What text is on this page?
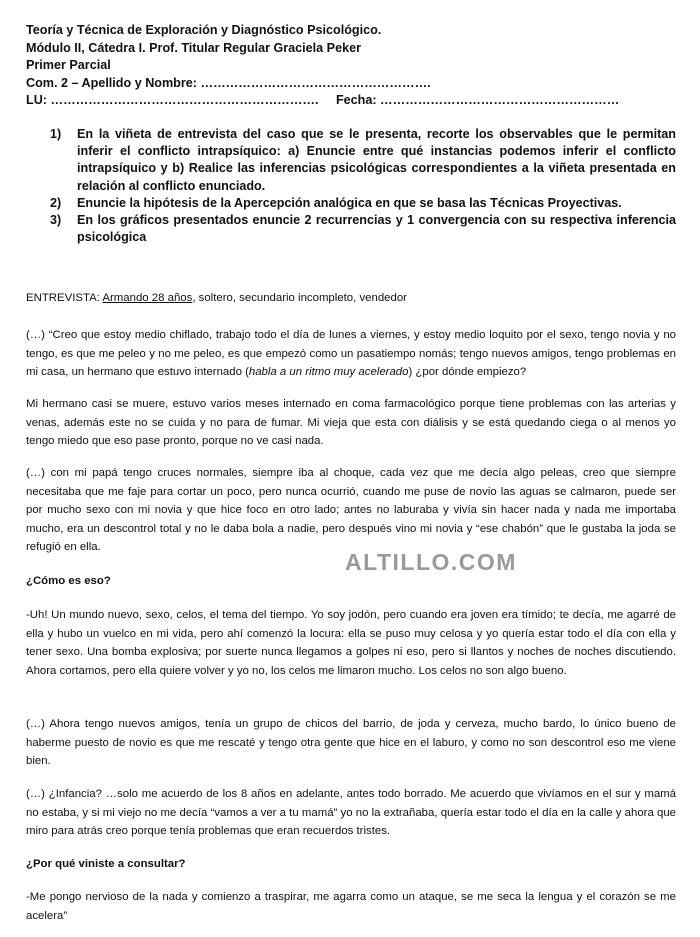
Teoría y Técnica de Exploración y Diagnóstico Psicológico.
Módulo II, Cátedra I. Prof. Titular Regular Graciela Peker
Primer Parcial
Com. 2 – Apellido y Nombre: ……………………………………………….
LU: ………………………………………………………. Fecha: …………………………………………………
1)	En la viñeta de entrevista del caso que se le presenta, recorte los observables que le permitan inferir el conflicto intrapsíquico: a) Enuncie entre qué instancias podemos inferir el conflicto intrapsíquico y b) Realice las inferencias psicológicas correspondientes a la viñeta presentada en relación al conflicto enunciado.
2)	Enuncie la hipótesis de la Apercepción analógica en que se basa las Técnicas Proyectivas.
3)	En los gráficos presentados enuncie 2 recurrencias y 1 convergencia con su respectiva inferencia psicológica
ENTREVISTA: Armando 28 años, soltero, secundario incompleto, vendedor
(…) “Creo que estoy medio chiflado, trabajo todo el día de lunes a viernes, y estoy medio loquito por el sexo, tengo novia y no tengo, es que me peleo y no me peleo, es que empezó como un pasatiempo nomás; tengo nuevos amigos, tengo problemas en mi casa, un hermano que estuvo internado (habla a un ritmo muy acelerado) ¿por dónde empiezo?
Mi hermano casi se muere, estuvo varios meses internado en coma farmacológico porque tiene problemas con las arterias y venas, además este no se cuida y no para de fumar. Mi vieja que esta con diálisis y se está quedando ciega o al menos yo tengo miedo que eso pase pronto, porque no ve casi nada.
(…) con mi papá tengo cruces normales, siempre iba al choque, cada vez que me decía algo peleas, creo que siempre necesitaba que me faje para cortar un poco, pero nunca ocurrió, cuando me puse de novio las aguas se calmaron, puede ser por mucho sexo con mi novia y que hice foco en otro lado; antes no laburaba y vivía sin hacer nada y nada me importaba mucho, era un descontrol total y no le daba bola a nadie, pero después vino mi novia y “ese chabón” que le gustaba la joda se refugió en ella.
¿Cómo es eso?
-Uh! Un mundo nuevo, sexo, celos, el tema del tiempo. Yo soy jodón, pero cuando era joven era tímido; te decía, me agarré de ella y hubo un vuelco en mi vida, pero ahí comenzó la locura: ella se puso muy celosa y yo quería estar todo el día con ella y tener sexo. Una bomba explosiva; por suerte nunca llegamos a golpes ni eso, pero si llantos y noches de noches discutiendo. Ahora cortamos, pero ella quiere volver y yo no, los celos me limaron mucho. Los celos no son algo bueno.
(…) Ahora tengo nuevos amigos, tenía un grupo de chicos del barrio, de joda y cerveza, mucho bardo, lo único bueno de haberme puesto de novio es que me rescaté y tengo otra gente que hice en el laburo, y como no son descontrol eso me viene bien.
(…) ¿Infancia? …solo me acuerdo de los 8 años en adelante, antes todo borrado. Me acuerdo que vivíamos en el sur y mamá no estaba, y si mi viejo no me decía “vamos a ver a tu mamá” yo no la extrañaba, quería estar todo el día en la calle y ahora que miro para atrás creo porque tenía problemas que eran recuerdos tristes.
¿Por qué viniste a consultar?
-Me pongo nervioso de la nada y comienzo a traspirar, me agarra como un ataque, se me seca la lengua y el corazón se me acelera”
ALTILLO.COM
